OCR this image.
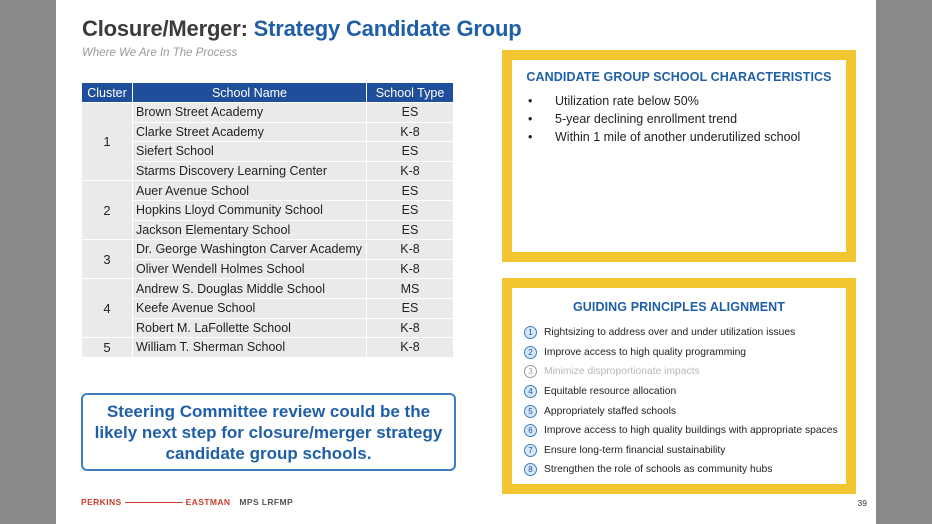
Closure/Merger: Strategy Candidate Group
Where We Are In The Process
Cluster	School Name	School Type
1	Brown Street Academy	ES
	Clarke Street Academy	K-8
	Siefert School	ES
	Starms Discovery Learning Center	K-8
2	Auer Avenue School	ES
	Hopkins Lloyd Community School	ES
	Jackson Elementary School	ES
3	Dr. George Washington Carver Academy	K-8
	Oliver Wendell Holmes School	K-8
4	Andrew S. Douglas Middle School	MS
	Keefe Avenue School	ES
	Robert M. LaFollette School	K-8
5	William T. Sherman School	K-8
Steering Committee review could be the likely next step for closure/merger strategy candidate group schools.
CANDIDATE GROUP SCHOOL CHARACTERISTICS
•	Utilization rate below 50%
•	5-year declining enrollment trend
•	Within 1 mile of another underutilized school
GUIDING PRINCIPLES ALIGNMENT
1	Rightsizing to address over and under utilization issues
2	Improve access to high quality programming
3	Minimize disproportionate impacts
4	Equitable resource allocation
5	Appropriately staffed schools
6	Improve access to high quality buildings with appropriate spaces
7	Ensure long-term financial sustainability
8	Strengthen the role of schools as community hubs
PERKINS	EASTMAN MPS LRFMP	39
